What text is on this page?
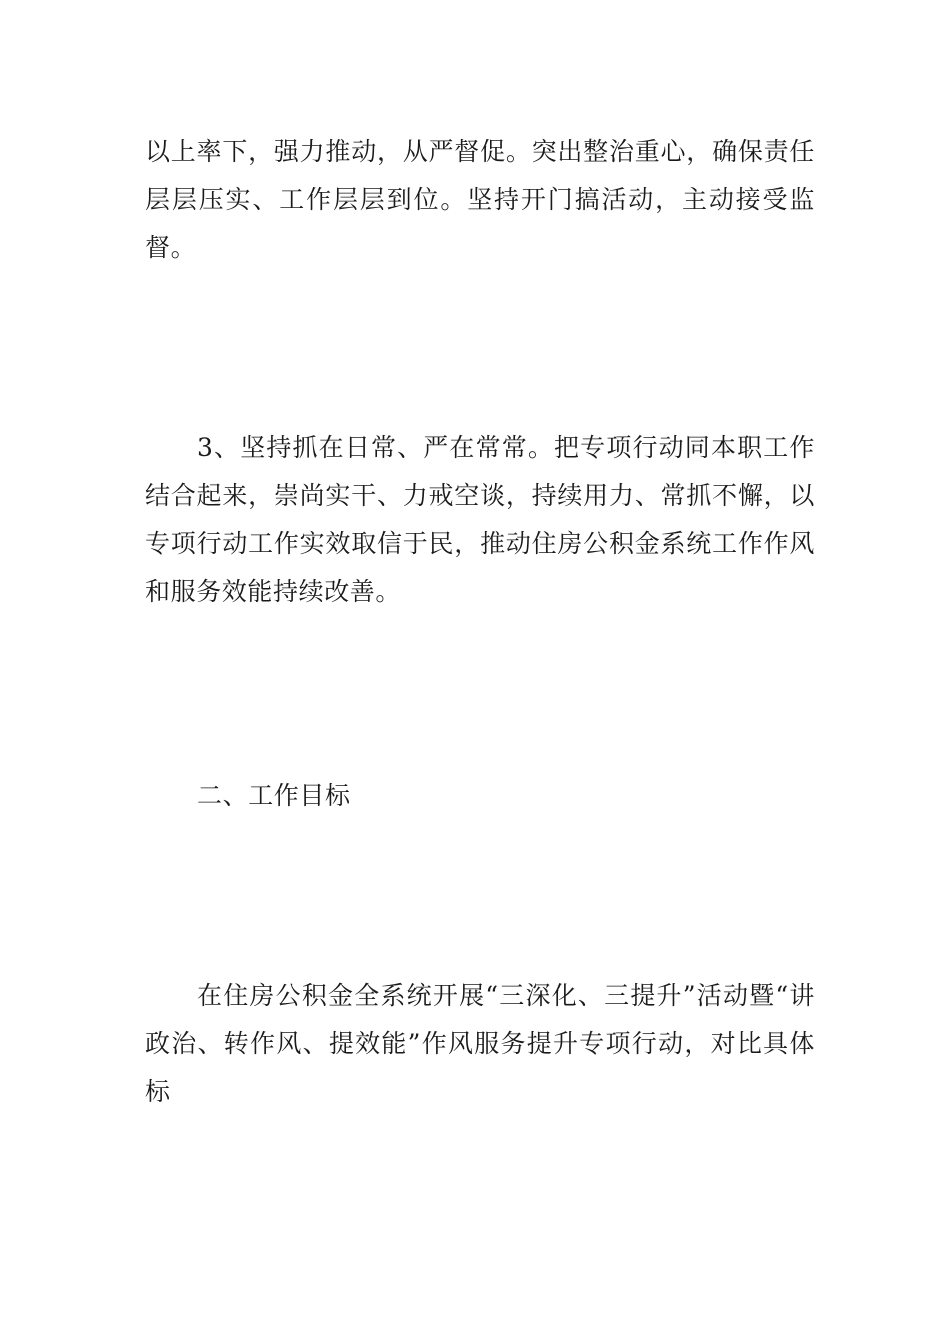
以上率下，强力推动，从严督促。突出整治重心，确保责任层层压实、工作层层到位。坚持开门搞活动，主动接受监督。

3、坚持抓在日常、严在常常。把专项行动同本职工作结合起来，崇尚实干、力戒空谈，持续用力、常抓不懈，以专项行动工作实效取信于民，推动住房公积金系统工作作风和服务效能持续改善。

二、工作目标

在住房公积金全系统开展“三深化、三提升”活动暨“讲政治、转作风、提效能”作风服务提升专项行动，对比具体标
